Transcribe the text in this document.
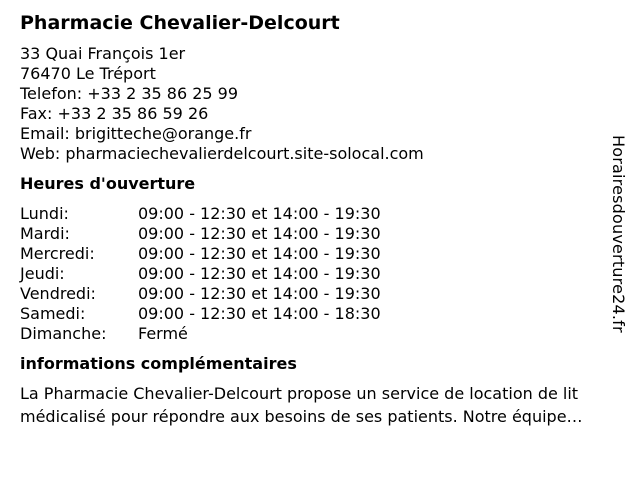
Pharmacie Chevalier-Delcourt
33 Quai François 1er
76470 Le Tréport
Telefon: +33 2 35 86 25 99
Fax: +33 2 35 86 59 26
Email: brigitteche@orange.fr
Web: pharmaciechevalierdelcourt.site-solocal.com
Heures d'ouverture
Lundi:	09:00 - 12:30 et 14:00 - 19:30
Mardi:	09:00 - 12:30 et 14:00 - 19:30
Mercredi:	09:00 - 12:30 et 14:00 - 19:30
Jeudi:	09:00 - 12:30 et 14:00 - 19:30
Vendredi:	09:00 - 12:30 et 14:00 - 19:30
Samedi:	09:00 - 12:30 et 14:00 - 18:30
Dimanche:	Fermé
informations complémentaires
La Pharmacie Chevalier-Delcourt propose un service de location de lit
médicalisé pour répondre aux besoins de ses patients. Notre équipe…
Horairesdouverture24.fr
